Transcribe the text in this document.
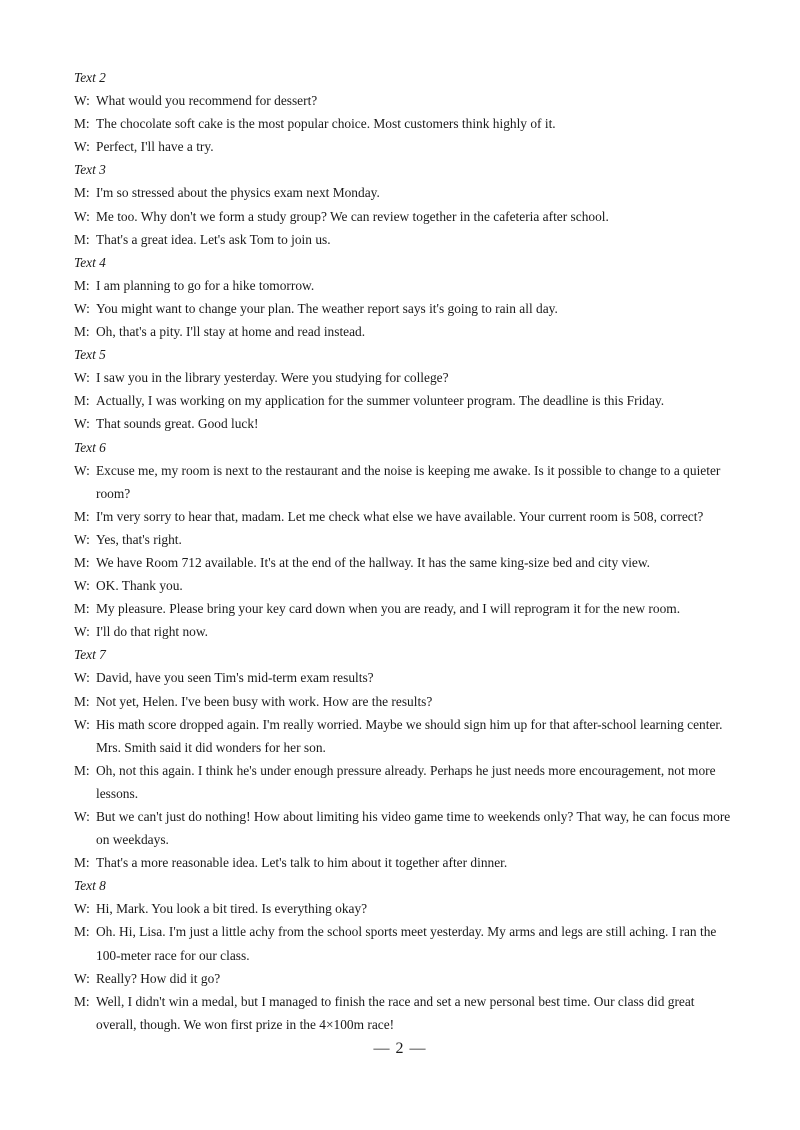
Text 2
W: What would you recommend for dessert?
M: The chocolate soft cake is the most popular choice. Most customers think highly of it.
W: Perfect, I'll have a try.
Text 3
M: I'm so stressed about the physics exam next Monday.
W: Me too. Why don't we form a study group? We can review together in the cafeteria after school.
M: That's a great idea. Let's ask Tom to join us.
Text 4
M: I am planning to go for a hike tomorrow.
W: You might want to change your plan. The weather report says it's going to rain all day.
M: Oh, that's a pity. I'll stay at home and read instead.
Text 5
W: I saw you in the library yesterday. Were you studying for college?
M: Actually, I was working on my application for the summer volunteer program. The deadline is this Friday.
W: That sounds great. Good luck!
Text 6
W: Excuse me, my room is next to the restaurant and the noise is keeping me awake. Is it possible to change to a quieter room?
M: I'm very sorry to hear that, madam. Let me check what else we have available. Your current room is 508, correct?
W: Yes, that's right.
M: We have Room 712 available. It's at the end of the hallway. It has the same king-size bed and city view.
W: OK. Thank you.
M: My pleasure. Please bring your key card down when you are ready, and I will reprogram it for the new room.
W: I'll do that right now.
Text 7
W: David, have you seen Tim's mid-term exam results?
M: Not yet, Helen. I've been busy with work. How are the results?
W: His math score dropped again. I'm really worried. Maybe we should sign him up for that after-school learning center. Mrs. Smith said it did wonders for her son.
M: Oh, not this again. I think he's under enough pressure already. Perhaps he just needs more encouragement, not more lessons.
W: But we can't just do nothing! How about limiting his video game time to weekends only? That way, he can focus more on weekdays.
M: That's a more reasonable idea. Let's talk to him about it together after dinner.
Text 8
W: Hi, Mark. You look a bit tired. Is everything okay?
M: Oh. Hi, Lisa. I'm just a little achy from the school sports meet yesterday. My arms and legs are still aching. I ran the 100-meter race for our class.
W: Really? How did it go?
M: Well, I didn't win a medal, but I managed to finish the race and set a new personal best time. Our class did great overall, though. We won first prize in the 4×100m race!
— 2 —
